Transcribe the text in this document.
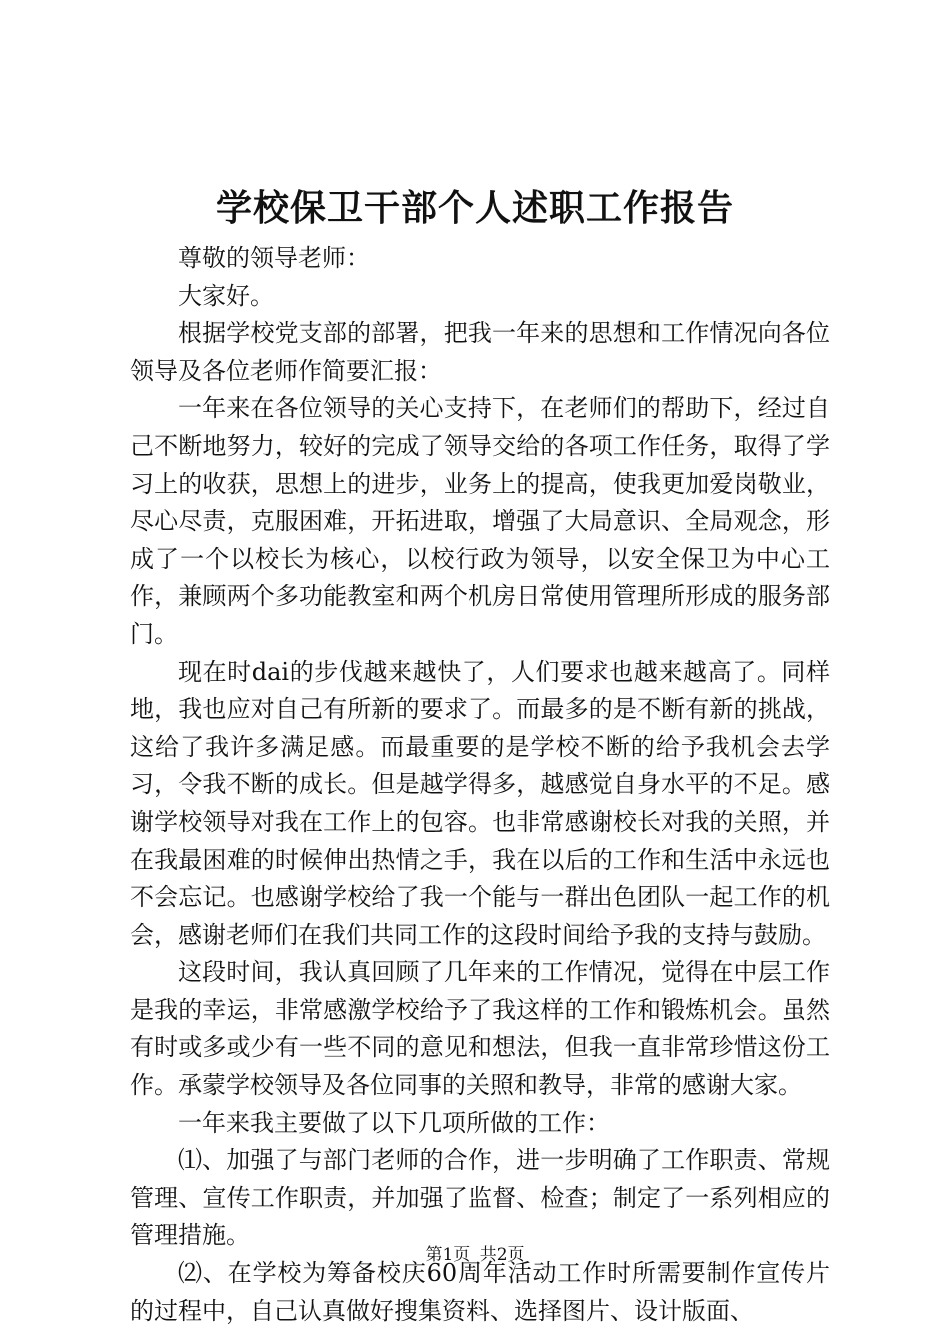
学校保卫干部个人述职工作报告

尊敬的领导老师：

大家好。

根据学校党支部的部署，把我一年来的思想和工作情况向各位领导及各位老师作简要汇报：

一年来在各位领导的关心支持下，在老师们的帮助下，经过自己不断地努力，较好的完成了领导交给的各项工作任务，取得了学习上的收获，思想上的进步，业务上的提高，使我更加爱岗敬业，尽心尽责，克服困难，开拓进取，增强了大局意识、全局观念，形成了一个以校长为核心，以校行政为领导，以安全保卫为中心工作，兼顾两个多功能教室和两个机房日常使用管理所形成的服务部门。

现在时dai的步伐越来越快了，人们要求也越来越高了。同样地，我也应对自己有所新的要求了。而最多的是不断有新的挑战，这给了我许多满足感。而最重要的是学校不断的给予我机会去学习，令我不断的成长。但是越学得多，越感觉自身水平的不足。感谢学校领导对我在工作上的包容。也非常感谢校长对我的关照，并在我最困难的时候伸出热情之手，我在以后的工作和生活中永远也不会忘记。也感谢学校给了我一个能与一群出色团队一起工作的机会，感谢老师们在我们共同工作的这段时间给予我的支持与鼓励。

这段时间，我认真回顾了几年来的工作情况，觉得在中层工作是我的幸运，非常感激学校给予了我这样的工作和锻炼机会。虽然有时或多或少有一些不同的意见和想法，但我一直非常珍惜这份工作。承蒙学校领导及各位同事的关照和教导，非常的感谢大家。

一年来我主要做了以下几项所做的工作：

⑴、加强了与部门老师的合作，进一步明确了工作职责、常规管理、宣传工作职责，并加强了监督、检查；制定了一系列相应的管理措施。

⑵、在学校为筹备校庆60周年活动工作时所需要制作宣传片的过程中，自己认真做好搜集资料、选择图片、设计版面、

第1页 共2页
